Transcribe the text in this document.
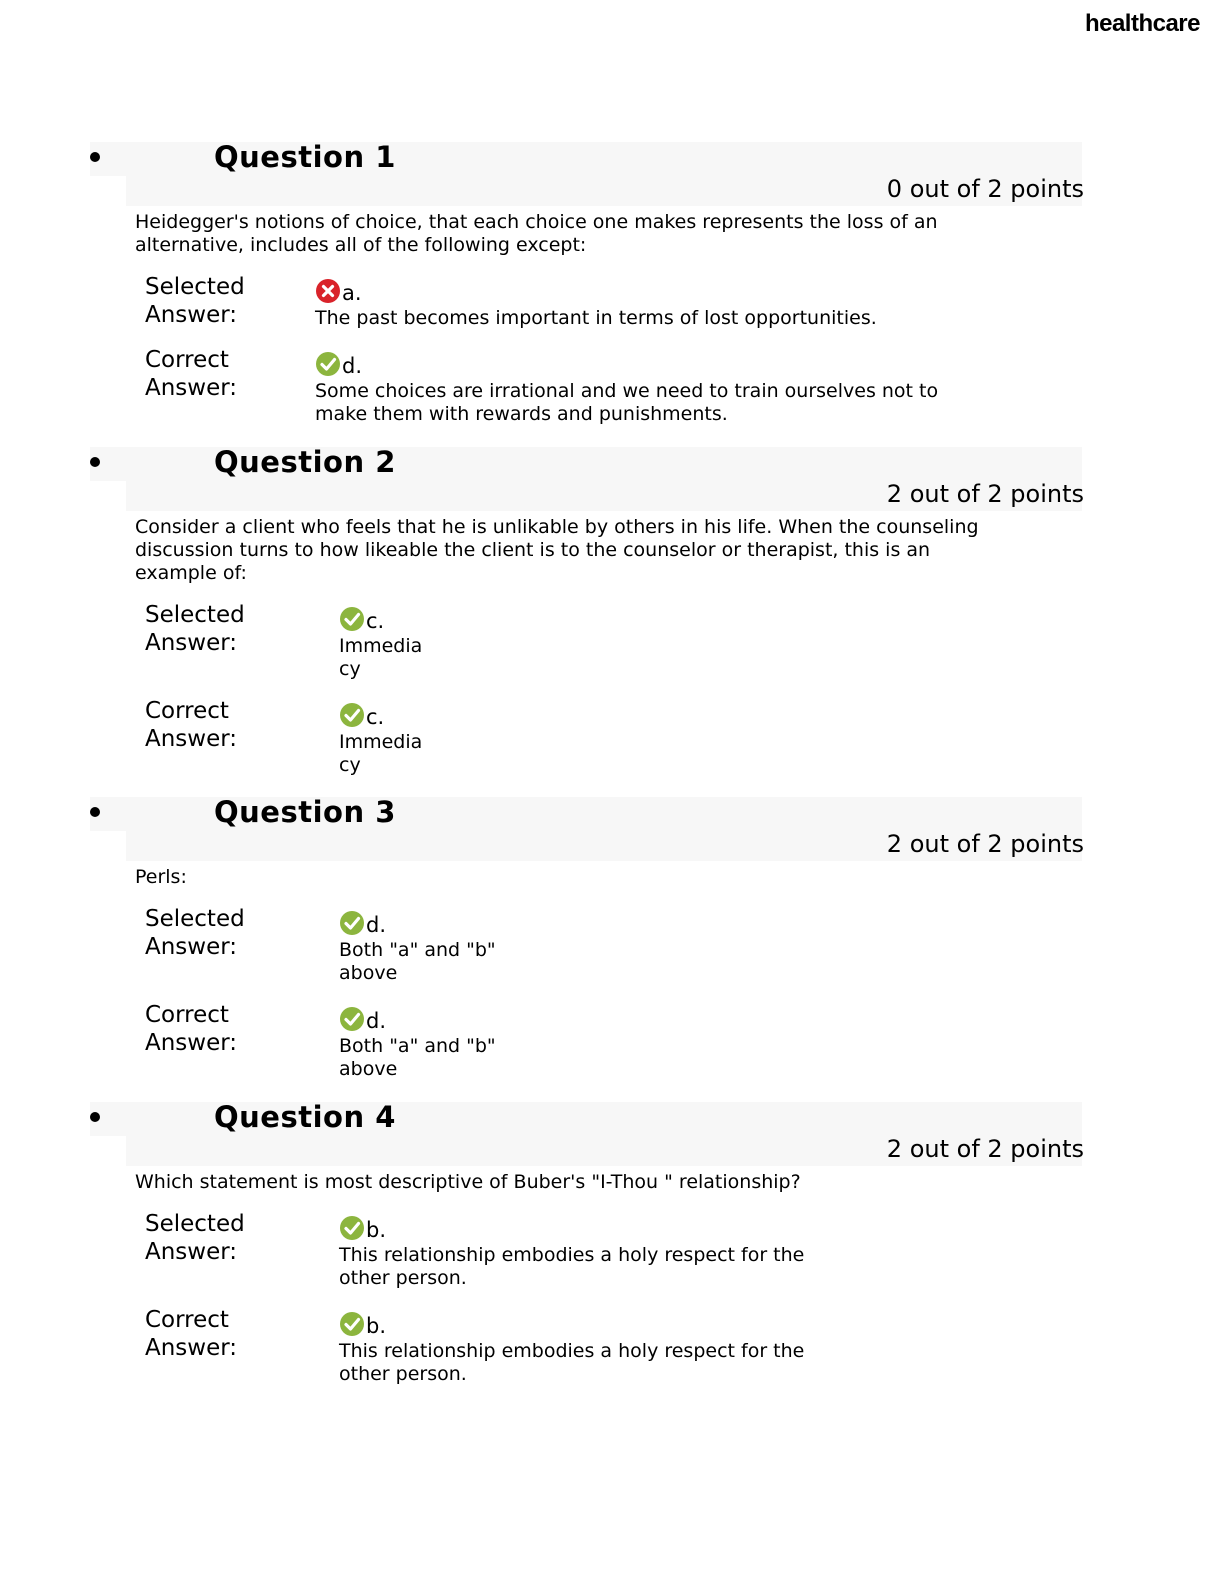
healthcare
Question 1
0 out of 2 points
Heidegger's notions of choice, that each choice one makes represents the loss of an
alternative, includes all of the following except:
Selected
Answer:
a.
The past becomes important in terms of lost opportunities.
Correct
Answer:
d.
Some choices are irrational and we need to train ourselves not to
make them with rewards and punishments.
Question 2
2 out of 2 points
Consider a client who feels that he is unlikable by others in his life. When the counseling
discussion turns to how likeable the client is to the counselor or therapist, this is an
example of:
Selected
Answer:
c.
Immedia
cy
Correct
Answer:
c.
Immedia
cy
Question 3
2 out of 2 points
Perls:
Selected
Answer:
d.
Both "a" and "b"
above
Correct
Answer:
d.
Both "a" and "b"
above
Question 4
2 out of 2 points
Which statement is most descriptive of Buber's "I-Thou " relationship?
Selected
Answer:
b.
This relationship embodies a holy respect for the
other person.
Correct
Answer:
b.
This relationship embodies a holy respect for the
other person.
